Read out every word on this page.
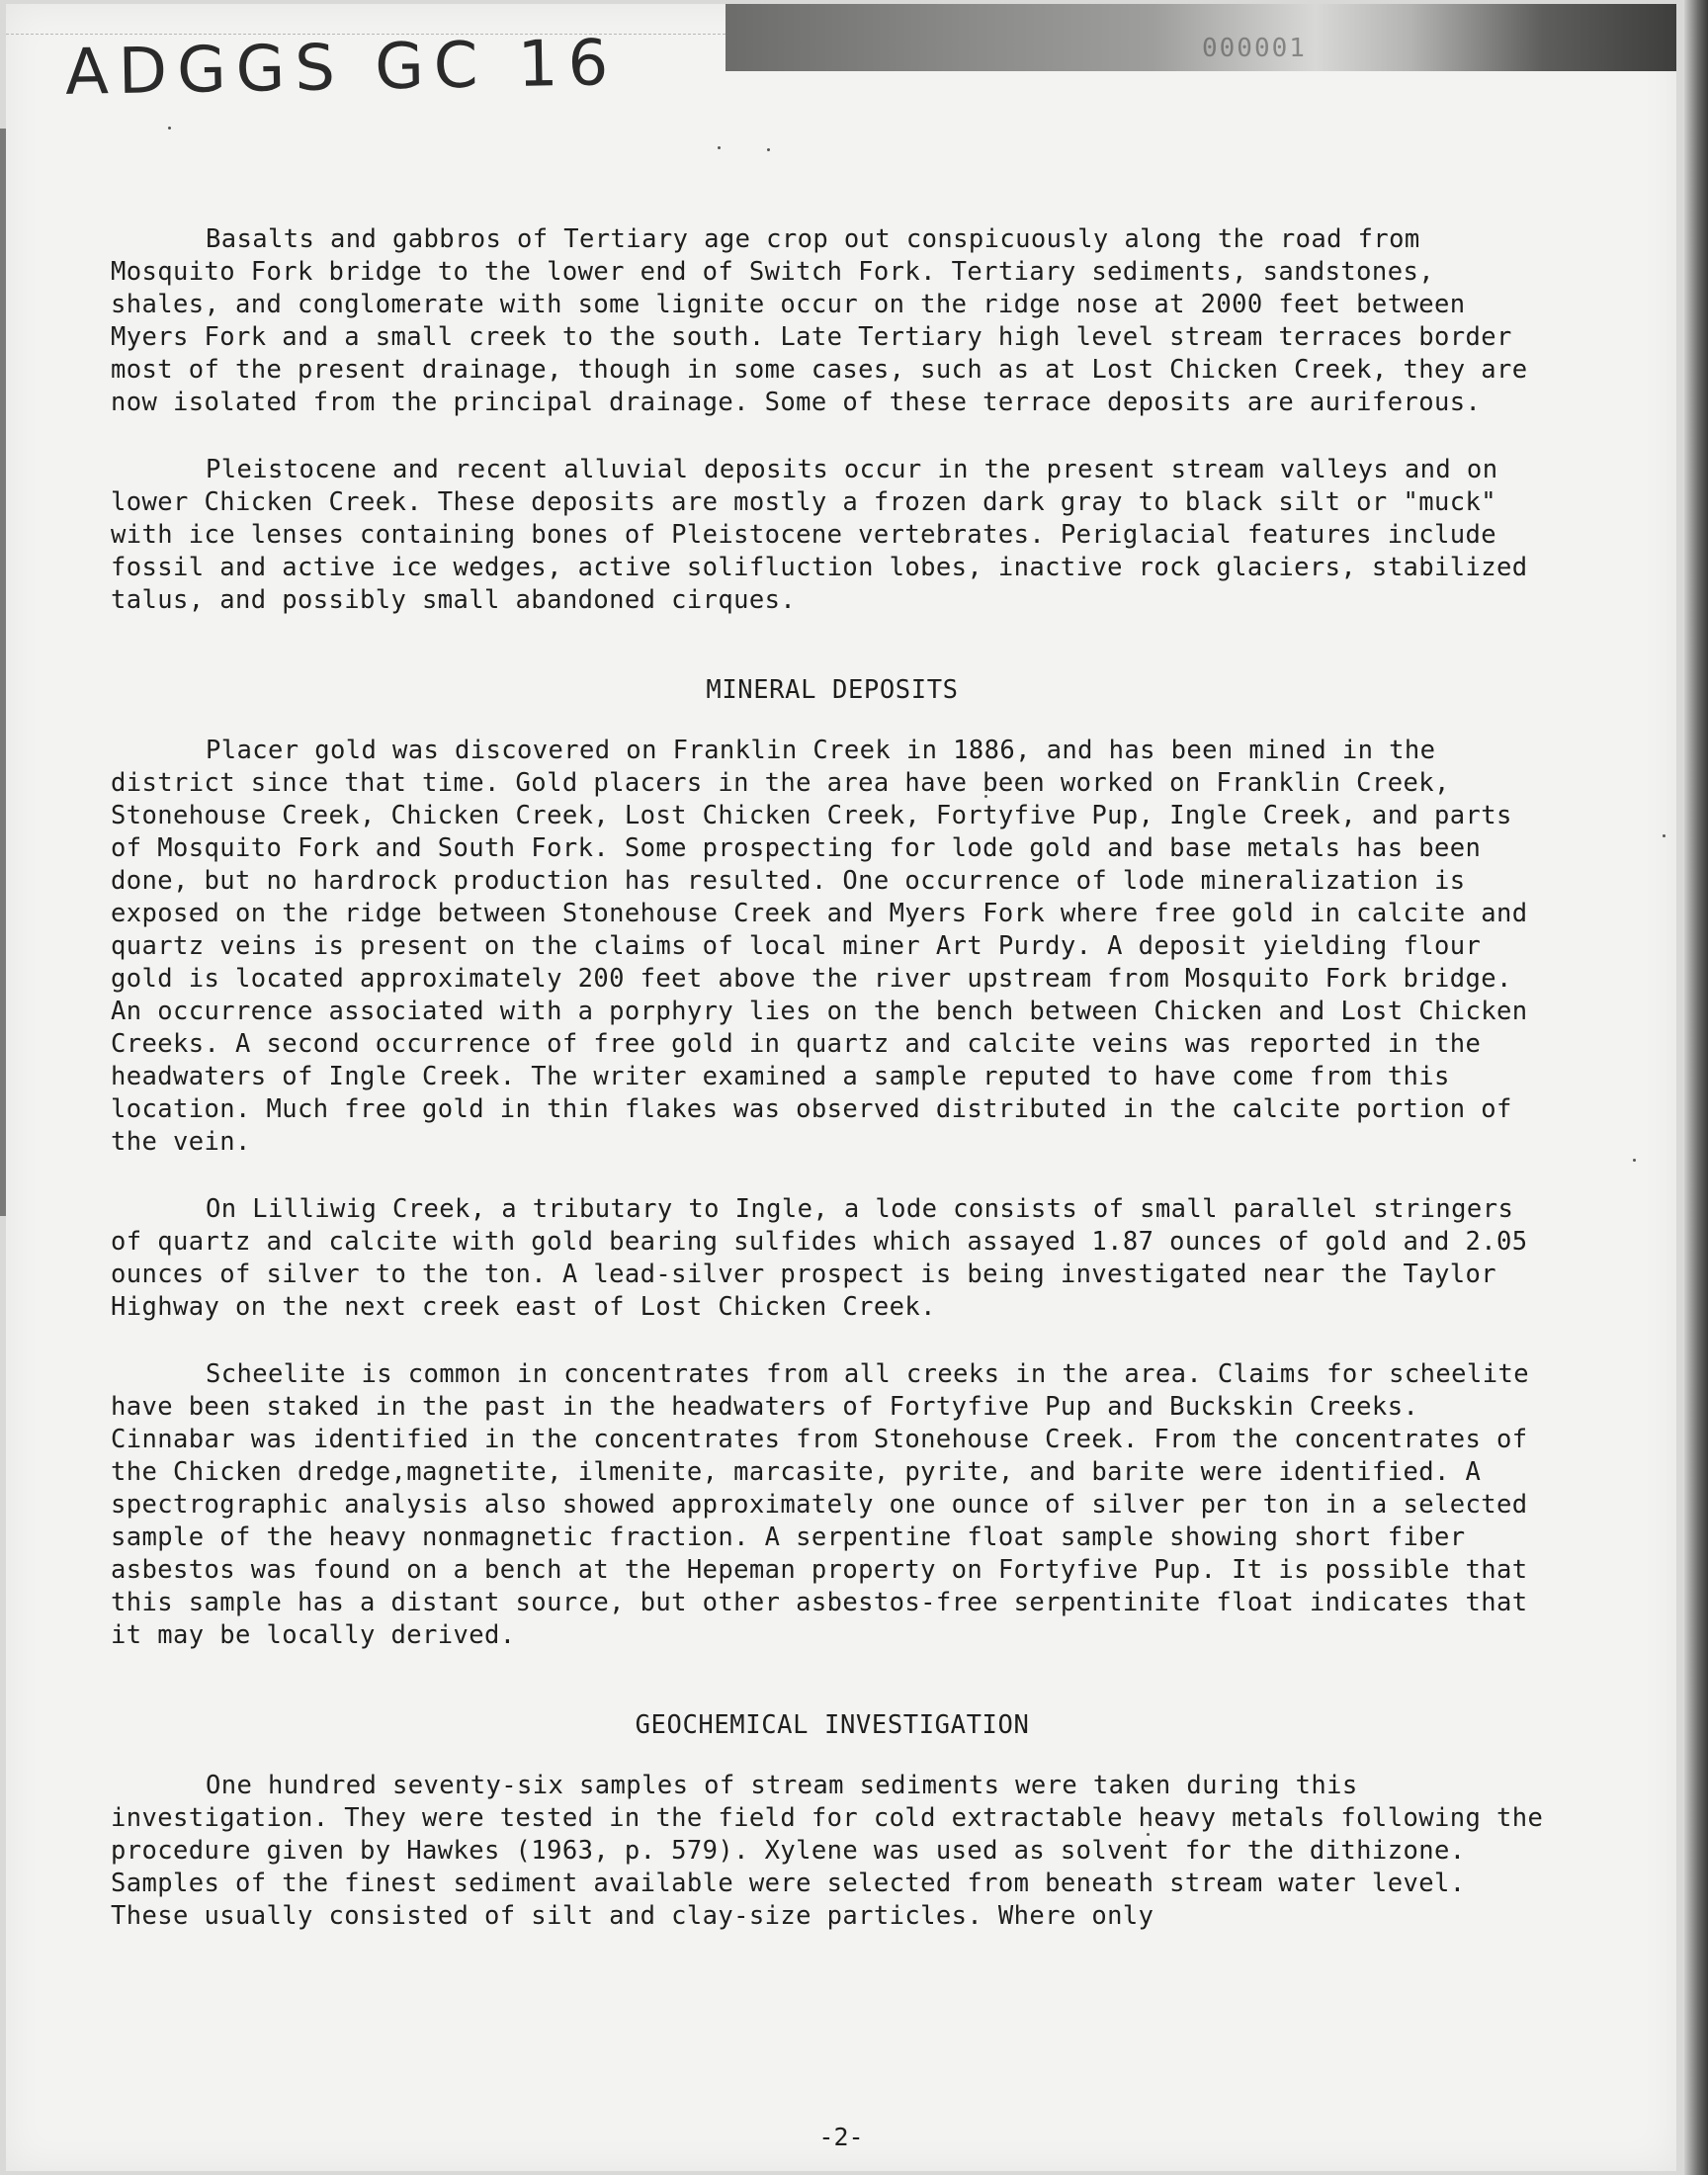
000001
ADGGS GC 16

Basalts and gabbros of Tertiary age crop out conspicuously along the road from Mosquito Fork bridge to the lower end of Switch Fork. Tertiary sediments, sandstones, shales, and conglomerate with some lignite occur on the ridge nose at 2000 feet between Myers Fork and a small creek to the south. Late Tertiary high level stream terraces border most of the present drainage, though in some cases, such as at Lost Chicken Creek, they are now isolated from the principal drainage. Some of these terrace deposits are auriferous.

Pleistocene and recent alluvial deposits occur in the present stream valleys and on lower Chicken Creek. These deposits are mostly a frozen dark gray to black silt or "muck" with ice lenses containing bones of Pleistocene vertebrates. Periglacial features include fossil and active ice wedges, active solifluction lobes, inactive rock glaciers, stabilized talus, and possibly small abandoned cirques.

MINERAL DEPOSITS

Placer gold was discovered on Franklin Creek in 1886, and has been mined in the district since that time. Gold placers in the area have been worked on Franklin Creek, Stonehouse Creek, Chicken Creek, Lost Chicken Creek, Fortyfive Pup, Ingle Creek, and parts of Mosquito Fork and South Fork. Some prospecting for lode gold and base metals has been done, but no hardrock production has resulted. One occurrence of lode mineralization is exposed on the ridge between Stonehouse Creek and Myers Fork where free gold in calcite and quartz veins is present on the claims of local miner Art Purdy. A deposit yielding flour gold is located approximately 200 feet above the river upstream from Mosquito Fork bridge. An occurrence associated with a porphyry lies on the bench between Chicken and Lost Chicken Creeks. A second occurrence of free gold in quartz and calcite veins was reported in the headwaters of Ingle Creek. The writer examined a sample reputed to have come from this location. Much free gold in thin flakes was observed distributed in the calcite portion of the vein.

On Lilliwig Creek, a tributary to Ingle, a lode consists of small parallel stringers of quartz and calcite with gold bearing sulfides which assayed 1.87 ounces of gold and 2.05 ounces of silver to the ton. A lead-silver prospect is being investigated near the Taylor Highway on the next creek east of Lost Chicken Creek.

Scheelite is common in concentrates from all creeks in the area. Claims for scheelite have been staked in the past in the headwaters of Fortyfive Pup and Buckskin Creeks. Cinnabar was identified in the concentrates from Stonehouse Creek. From the concentrates of the Chicken dredge,magnetite, ilmenite, marcasite, pyrite, and barite were identified. A spectrographic analysis also showed approximately one ounce of silver per ton in a selected sample of the heavy nonmagnetic fraction. A serpentine float sample showing short fiber asbestos was found on a bench at the Hepeman property on Fortyfive Pup. It is possible that this sample has a distant source, but other asbestos-free serpentinite float indicates that it may be locally derived.

GEOCHEMICAL INVESTIGATION

One hundred seventy-six samples of stream sediments were taken during this investigation. They were tested in the field for cold extractable heavy metals following the procedure given by Hawkes (1963, p. 579). Xylene was used as solvent for the dithizone. Samples of the finest sediment available were selected from beneath stream water level. These usually consisted of silt and clay-size particles. Where only

-2-
